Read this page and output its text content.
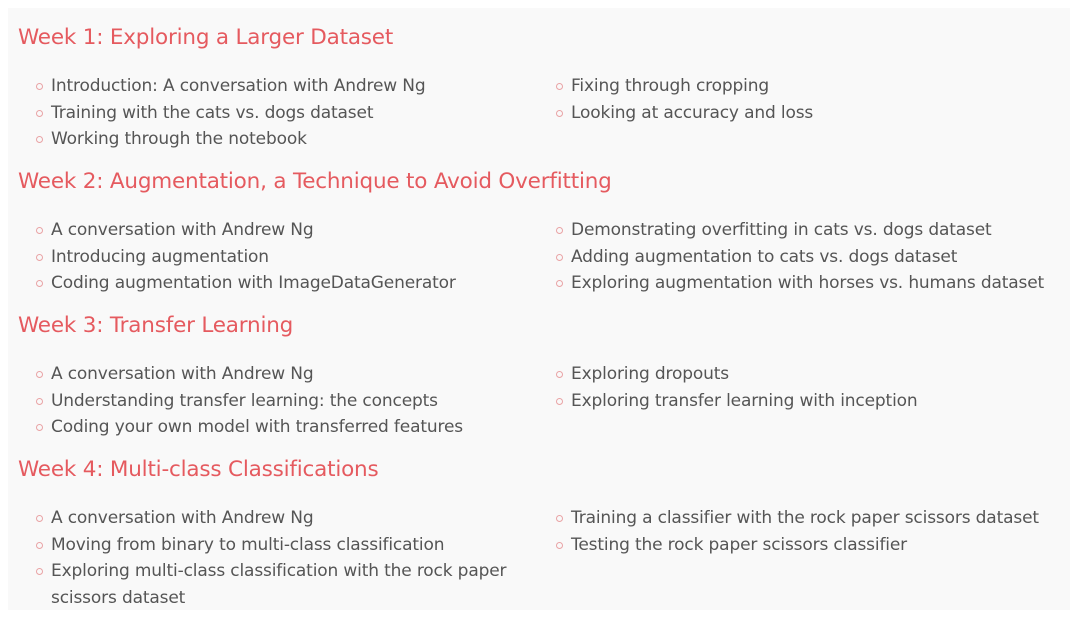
Week 1: Exploring a Larger Dataset
Introduction: A conversation with Andrew Ng
Training with the cats vs. dogs dataset
Working through the notebook
Fixing through cropping
Looking at accuracy and loss
Week 2: Augmentation, a Technique to Avoid Overfitting
A conversation with Andrew Ng
Introducing augmentation
Coding augmentation with ImageDataGenerator
Demonstrating overfitting in cats vs. dogs dataset
Adding augmentation to cats vs. dogs dataset
Exploring augmentation with horses vs. humans dataset
Week 3: Transfer Learning
A conversation with Andrew Ng
Understanding transfer learning: the concepts
Coding your own model with transferred features
Exploring dropouts
Exploring transfer learning with inception
Week 4: Multi-class Classifications
A conversation with Andrew Ng
Moving from binary to multi-class classification
Exploring multi-class classification with the rock paper scissors dataset
Training a classifier with the rock paper scissors dataset
Testing the rock paper scissors classifier
